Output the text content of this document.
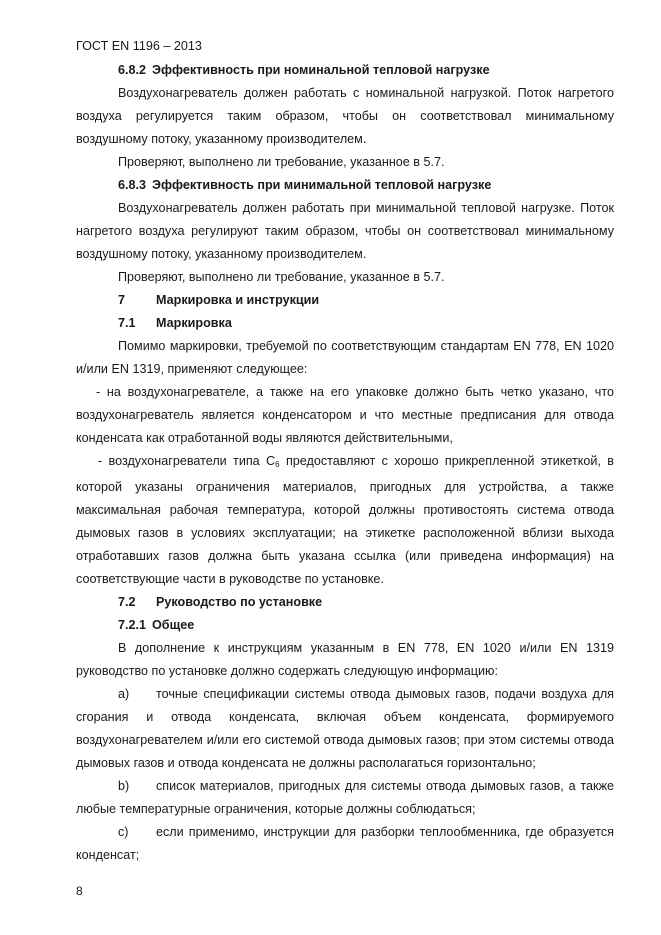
ГОСТ EN 1196 – 2013
6.8.2 Эффективность при номинальной тепловой нагрузке

Воздухонагреватель должен работать с номинальной нагрузкой. Поток нагретого воздуха регулируется таким образом, чтобы он соответствовал минимальному воздушному потоку, указанному производителем.

Проверяют, выполнено ли требование, указанное в 5.7.

6.8.3 Эффективность при минимальной тепловой нагрузке

Воздухонагреватель должен работать при минимальной тепловой нагрузке. Поток нагретого воздуха регулируют таким образом, чтобы он соответствовал минимальному воздушному потоку, указанному производителем.

Проверяют, выполнено ли требование, указанное в 5.7.

7 Маркировка и инструкции
7.1 Маркировка

Помимо маркировки, требуемой по соответствующим стандартам EN 778, EN 1020 и/или EN 1319, применяют следующее:

- на воздухонагревателе, а также на его упаковке должно быть четко указано, что воздухонагреватель является конденсатором и что местные предписания для отвода конденсата как отработанной воды являются действительными,

- воздухонагреватели типа $C_6$ предоставляют с хорошо прикрепленной этикеткой, в которой указаны ограничения материалов, пригодных для устройства, а также максимальная рабочая температура, которой должны противостоять система отвода дымовых газов в условиях эксплуатации; на этикетке расположенной вблизи выхода отработавших газов должна быть указана ссылка (или приведена информация) на соответствующие части в руководстве по установке.

7.2 Руководство по установке
7.2.1 Общее

В дополнение к инструкциям указанным в EN 778, EN 1020 и/или EN 1319 руководство по установке должно содержать следующую информацию:

а) точные спецификации системы отвода дымовых газов, подачи воздуха для сгорания и отвода конденсата, включая объем конденсата, формируемого воздухонагревателем и/или его системой отвода дымовых газов; при этом системы отвода дымовых газов и отвода конденсата не должны располагаться горизонтально;

b) список материалов, пригодных для системы отвода дымовых газов, а также любые температурные ограничения, которые должны соблюдаться;

с) если применимо, инструкции для разборки теплообменника, где образуется конденсат;

8
